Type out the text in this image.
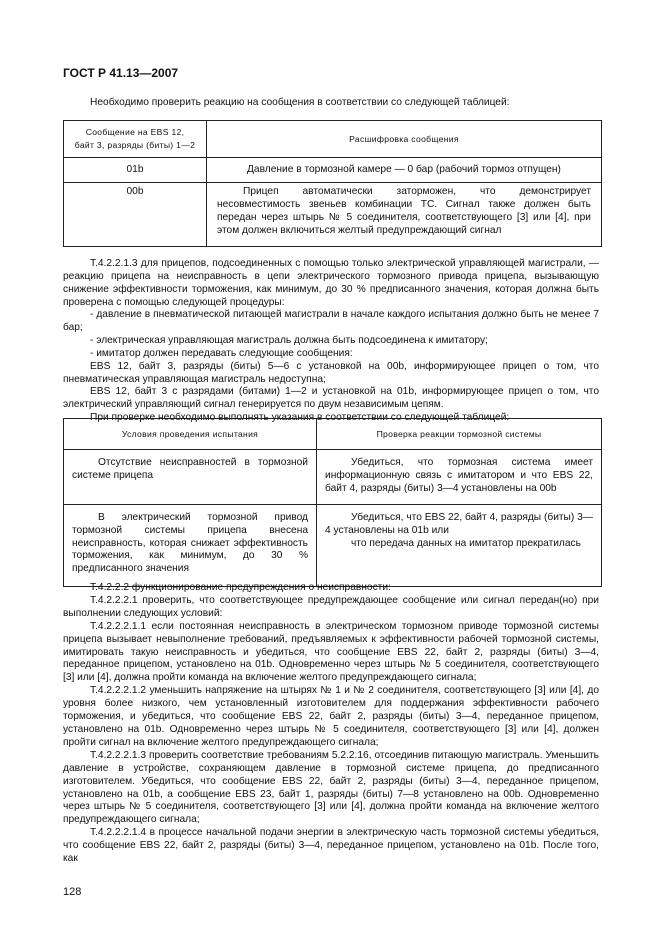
ГОСТ Р 41.13—2007
Необходимо проверить реакцию на сообщения в соответствии со следующей таблицей:
Сообщение на EBS 12,
байт 3, разряды (биты) 1—2	Расшифровка сообщения
01b	Давление в тормозной камере — 0 бар (рабочий тормоз отпущен)
00b	Прицеп автоматически заторможен, что демонстрирует несовместимость звеньев комбинации ТС. Сигнал также должен быть передан через штырь № 5 соединителя, соответствующего [3] или [4], при этом должен включиться желтый предупреждающий сигнал
Т.4.2.2.1.3 для прицепов, подсоединенных с помощью только электрической управляющей магистрали, — реакцию прицепа на неисправность в цепи электрического тормозного привода прицепа, вызывающую снижение эффективности торможения, как минимум, до 30 % предписанного значения, которая должна быть проверена с помощью следующей процедуры:
- давление в пневматической питающей магистрали в начале каждого испытания должно быть не менее 7 бар;
- электрическая управляющая магистраль должна быть подсоединена к имитатору;
- имитатор должен передавать следующие сообщения:
EBS 12, байт 3, разряды (биты) 5—6 с установкой на 00b, информирующее прицеп о том, что пневматическая управляющая магистраль недоступна;
EBS 12, байт 3 с разрядами (битами) 1—2 и установкой на 01b, информирующее прицеп о том, что электрический управляющий сигнал генерируется по двум независимым цепям.
При проверке необходимо выполнять указания в соответствии со следующей таблицей:
Условия проведения испытания	Проверка реакции тормозной системы
Отсутствие неисправностей в тормозной системе прицепа	Убедиться, что тормозная система имеет информационную связь с имитатором и что EBS 22, байт 4, разряды (биты) 3—4 установлены на 00b
В электрический тормозной привод тормозной системы прицепа внесена неисправность, которая снижает эффективность торможения, как минимум, до 30 % предписанного значения	Убедиться, что EBS 22, байт 4, разряды (биты) 3—4 установлены на 01b или
что передача данных на имитатор прекратилась
Т.4.2.2.2 функционирование предупреждения о неисправности:
Т.4.2.2.2.1 проверить, что соответствующее предупреждающее сообщение или сигнал передан(но) при выполнении следующих условий:
Т.4.2.2.2.1.1 если постоянная неисправность в электрическом тормозном приводе тормозной системы прицепа вызывает невыполнение требований, предъявляемых к эффективности рабочей тормозной системы, имитировать такую неисправность и убедиться, что сообщение EBS 22, байт 2, разряды (биты) 3—4, переданное прицепом, установлено на 01b. Одновременно через штырь № 5 соединителя, соответствующего [3] или [4], должна пройти команда на включение желтого предупреждающего сигнала;
Т.4.2.2.2.1.2 уменьшить напряжение на штырях № 1 и № 2 соединителя, соответствующего [3] или [4], до уровня более низкого, чем установленный изготовителем для поддержания эффективности рабочего торможения, и убедиться, что сообщение EBS 22, байт 2, разряды (биты) 3—4, переданное прицепом, установлено на 01b. Одновременно через штырь № 5 соединителя, соответствующего [3] или [4], должен пройти сигнал на включение желтого предупреждающего сигнала;
Т.4.2.2.2.1.3 проверить соответствие требованиям 5.2.2.16, отсоединив питающую магистраль. Уменьшить давление в устройстве, сохраняющем давление в тормозной системе прицепа, до предписанного изготовителем. Убедиться, что сообщение EBS 22, байт 2, разряды (биты) 3—4, переданное прицепом, установлено на 01b, а сообщение EBS 23, байт 1, разряды (биты) 7—8 установлено на 00b. Одновременно через штырь № 5 соединителя, соответствующего [3] или [4], должна пройти команда на включение желтого предупреждающего сигнала;
Т.4.2.2.2.1.4 в процессе начальной подачи энергии в электрическую часть тормозной системы убедиться, что сообщение EBS 22, байт 2, разряды (биты) 3—4, переданное прицепом, установлено на 01b. После того, как
128
